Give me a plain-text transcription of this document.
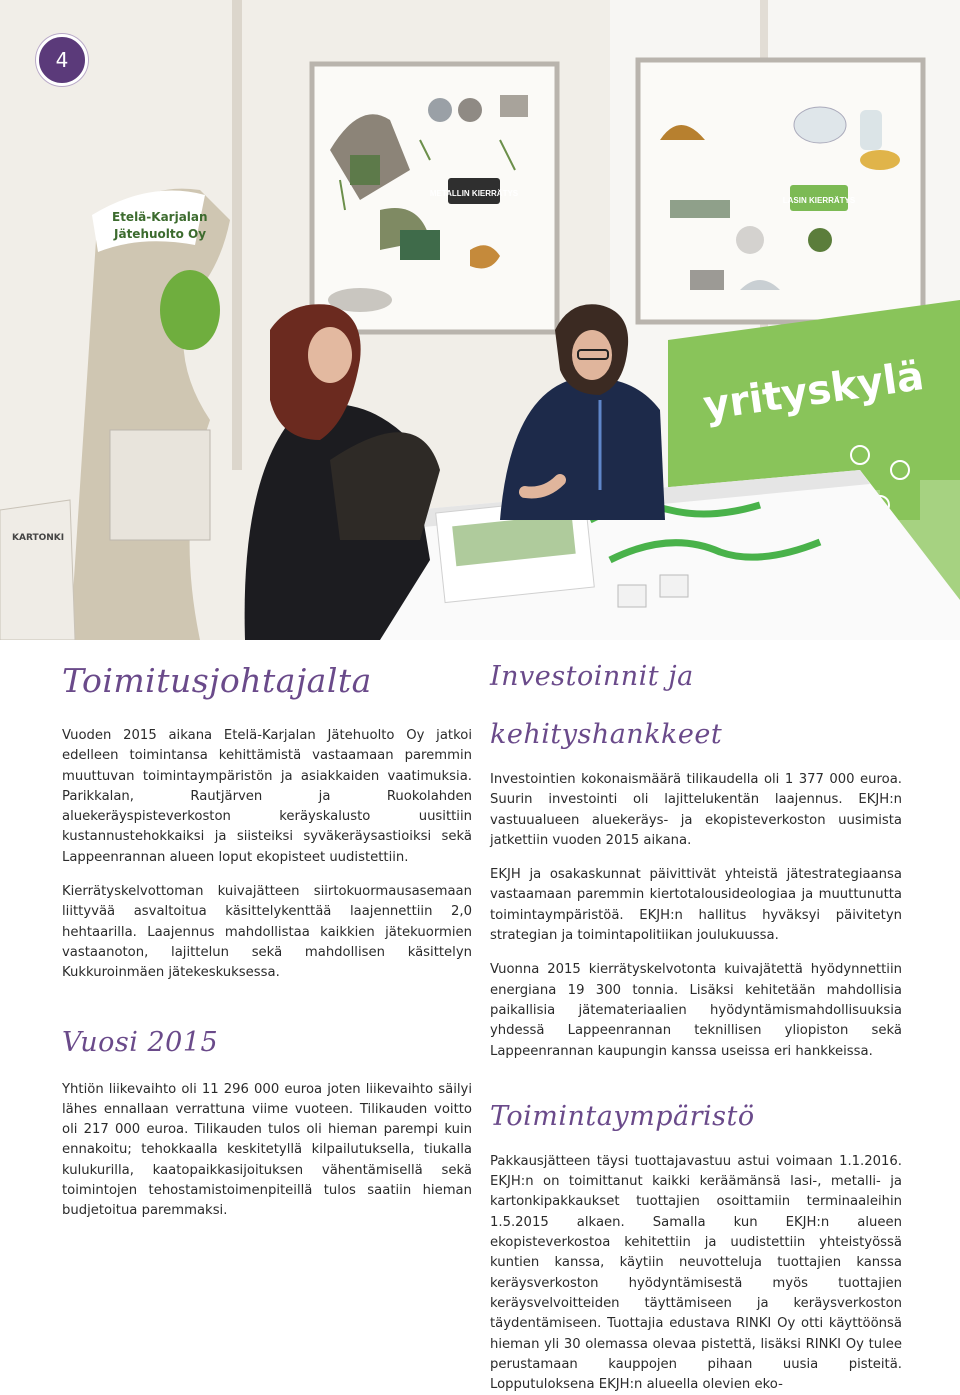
4
METALLIN KIERRÄTYS
LASIN KIERRÄTYS
yrityskylä
Etelä-Karjalan
Jätehuolto Oy
KARTONKI
Toimitusjohtajalta

Vuoden 2015 aikana Etelä-Karjalan Jätehuolto Oy jatkoi edelleen toimintansa kehittämistä vastaamaan paremmin muuttuvan toimintaympäristön ja asiakkaiden vaatimuksia. Parikkalan, Rautjärven ja Ruokolahden aluekeräyspisteverkoston keräyskalusto uusittiin kustannustehokkaiksi ja siisteiksi syväkeräysastioiksi sekä Lappeenrannan alueen loput ekopisteet uudistettiin.

Kierrätyskelvottoman kuivajätteen siirtokuormausasemaan liittyvää asvaltoitua käsittelykenttää laajennettiin 2,0 hehtaarilla. Laajennus mahdollistaa kaikkien jätekuormien vastaanoton, lajittelun sekä mahdollisen käsittelyn Kukkuroinmäen jätekeskuksessa.

Vuosi 2015

Yhtiön liikevaihto oli 11 296 000 euroa joten liikevaihto säilyi lähes ennallaan verrattuna viime vuoteen. Tilikauden voitto oli 217 000 euroa. Tilikauden tulos oli hieman parempi kuin ennakoitu; tehokkaalla keskitetyllä kilpailutuksella, tiukalla kulukurilla, kaatopaikkasijoituksen vähentämisellä sekä toimintojen tehostamistoimenpiteillä tulos saatiin hieman budjetoitua paremmaksi.

Investoinnit ja kehityshankkeet

Investointien kokonaismäärä tilikaudella oli 1 377 000 euroa. Suurin investointi oli lajittelukentän laajennus. EKJH:n vastuualueen aluekeräys- ja ekopisteverkoston uusimista jatkettiin vuoden 2015 aikana.

EKJH ja osakaskunnat päivittivät yhteistä jätestrategiaansa vastaamaan paremmin kiertotalousideologiaa ja muuttunutta toimintaympäristöä. EKJH:n hallitus hyväksyi päivitetyn strategian ja toimintapolitiikan joulukuussa.

Vuonna 2015 kierrätyskelvotonta kuivajätettä hyödynnettiin energiana 19 300 tonnia. Lisäksi kehitetään mahdollisia paikallisia jätemateriaalien hyödyntämismahdollisuuksia yhdessä Lappeenrannan teknillisen yliopiston sekä Lappeenrannan kaupungin kanssa useissa eri hankkeissa.

Toimintaympäristö

Pakkausjätteen täysi tuottajavastuu astui voimaan 1.1.2016. EKJH:n on toimittanut kaikki keräämänsä lasi-, metalli- ja kartonkipakkaukset tuottajien osoittamiin terminaaleihin 1.5.2015 alkaen. Samalla kun EKJH:n alueen ekopisteverkostoa kehitettiin ja uudistettiin yhteistyössä kuntien kanssa, käytiin neuvotteluja tuottajien kanssa keräysverkoston hyödyntämisestä myös tuottajien keräysvelvoitteiden täyttämiseen ja keräysverkoston täydentämiseen. Tuottajia edustava RINKI Oy otti käyttöönsä hieman yli 30 olemassa olevaa pistettä, lisäksi RINKI Oy tulee perustamaan kauppojen pihaan uusia pisteitä. Lopputuloksena EKJH:n alueella olevien eko-
